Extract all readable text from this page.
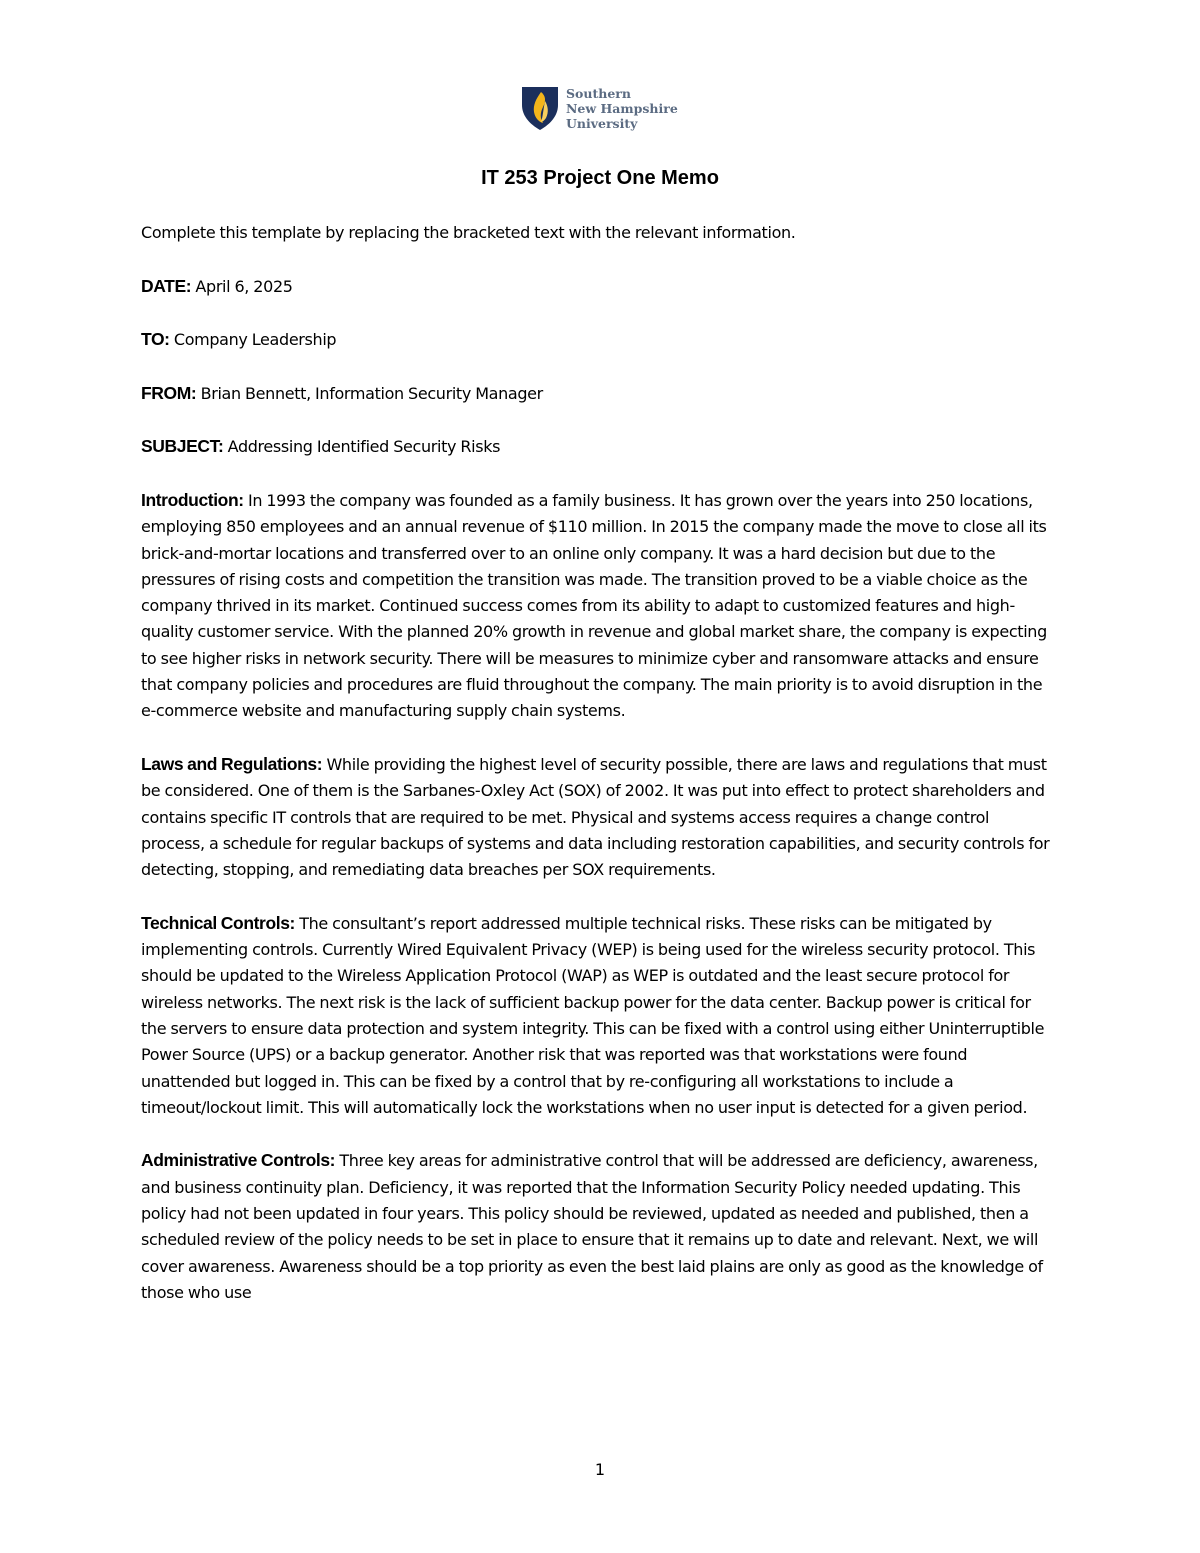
Southern
New Hampshire
University
IT 253 Project One Memo

Complete this template by replacing the bracketed text with the relevant information.

DATE: April 6, 2025

TO: Company Leadership

FROM: Brian Bennett, Information Security Manager

SUBJECT: Addressing Identified Security Risks

Introduction: In 1993 the company was founded as a family business. It has grown over the years into 250 locations, employing 850 employees and an annual revenue of $110 million. In 2015 the company made the move to close all its brick-and-mortar locations and transferred over to an online only company. It was a hard decision but due to the pressures of rising costs and competition the transition was made. The transition proved to be a viable choice as the company thrived in its market. Continued success comes from its ability to adapt to customized features and high-quality customer service. With the planned 20% growth in revenue and global market share, the company is expecting to see higher risks in network security. There will be measures to minimize cyber and ransomware attacks and ensure that company policies and procedures are fluid throughout the company. The main priority is to avoid disruption in the e-commerce website and manufacturing supply chain systems.

Laws and Regulations: While providing the highest level of security possible, there are laws and regulations that must be considered. One of them is the Sarbanes-Oxley Act (SOX) of 2002. It was put into effect to protect shareholders and contains specific IT controls that are required to be met. Physical and systems access requires a change control process, a schedule for regular backups of systems and data including restoration capabilities, and security controls for detecting, stopping, and remediating data breaches per SOX requirements.

Technical Controls: The consultant’s report addressed multiple technical risks. These risks can be mitigated by implementing controls. Currently Wired Equivalent Privacy (WEP) is being used for the wireless security protocol. This should be updated to the Wireless Application Protocol (WAP) as WEP is outdated and the least secure protocol for wireless networks. The next risk is the lack of sufficient backup power for the data center. Backup power is critical for the servers to ensure data protection and system integrity. This can be fixed with a control using either Uninterruptible Power Source (UPS) or a backup generator. Another risk that was reported was that workstations were found unattended but logged in. This can be fixed by a control that by re-configuring all workstations to include a timeout/lockout limit. This will automatically lock the workstations when no user input is detected for a given period.

Administrative Controls: Three key areas for administrative control that will be addressed are deficiency, awareness, and business continuity plan. Deficiency, it was reported that the Information Security Policy needed updating. This policy had not been updated in four years. This policy should be reviewed, updated as needed and published, then a scheduled review of the policy needs to be set in place to ensure that it remains up to date and relevant. Next, we will cover awareness. Awareness should be a top priority as even the best laid plains are only as good as the knowledge of those who use

1
